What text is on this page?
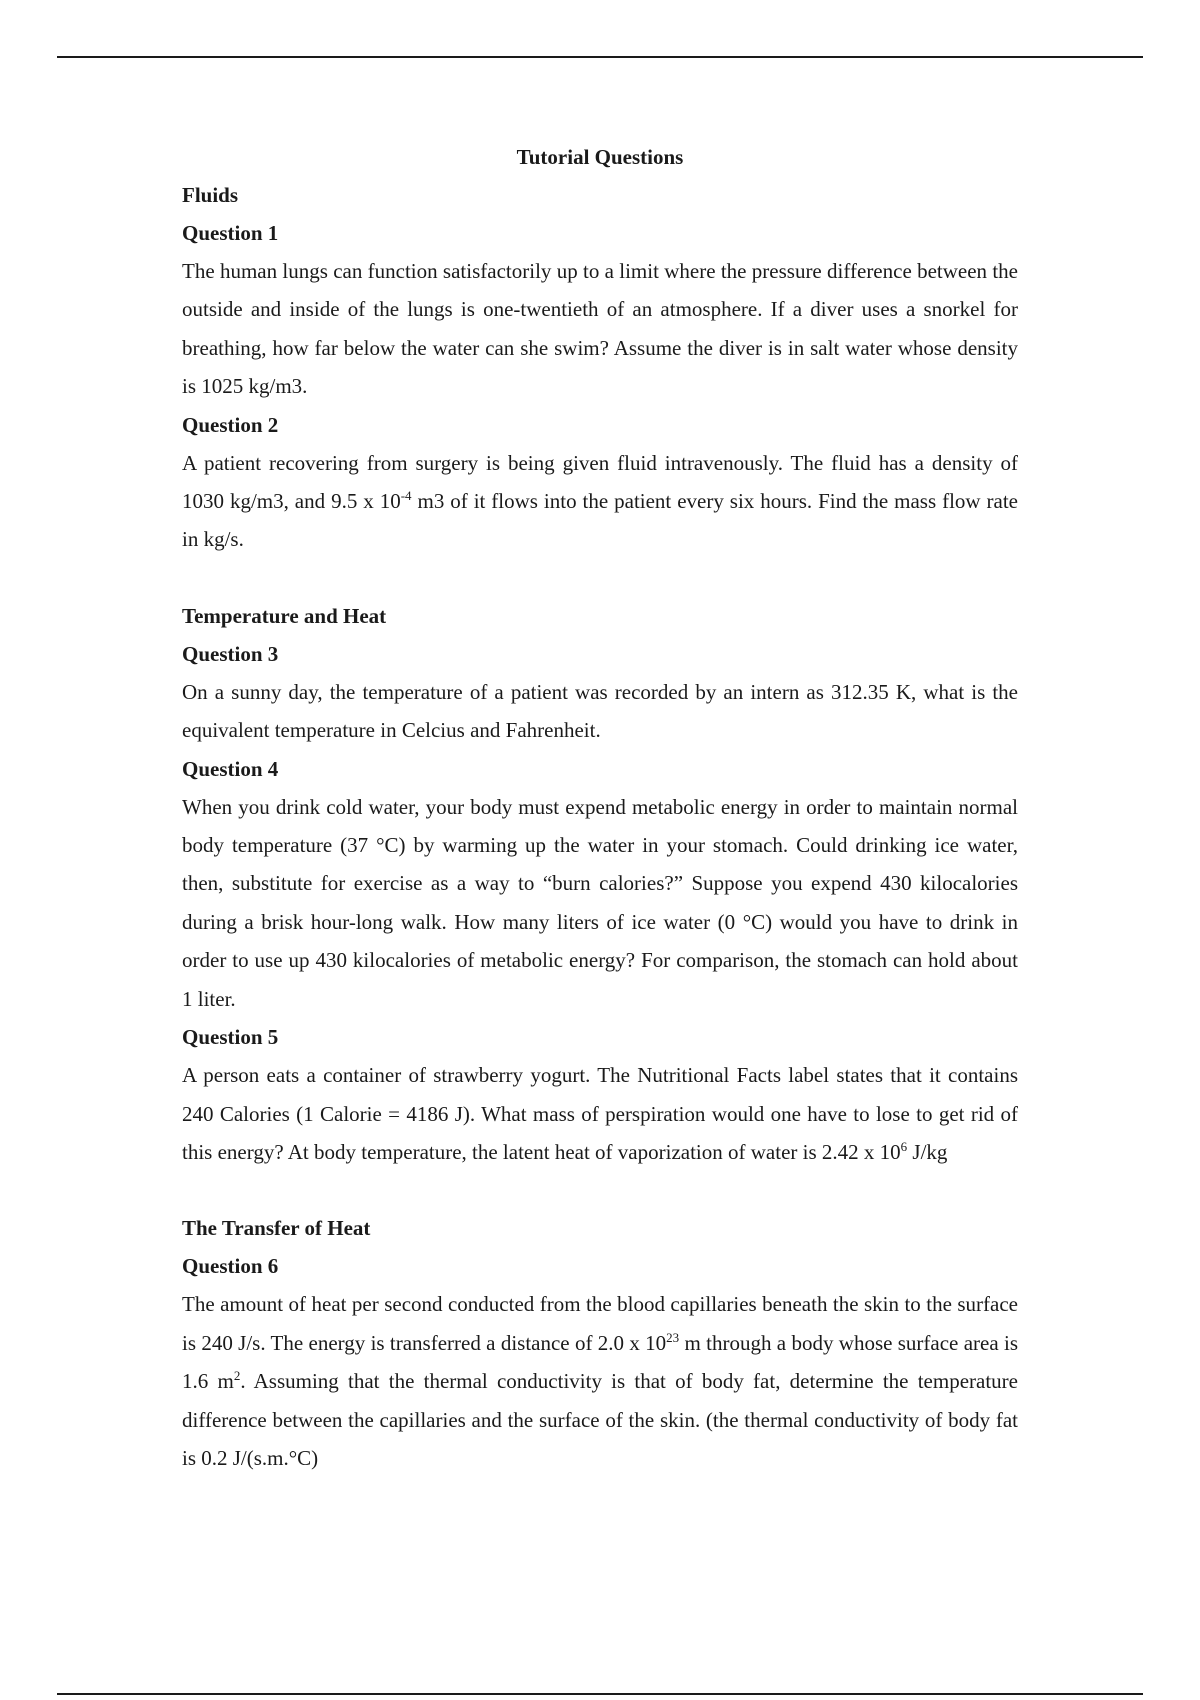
Tutorial Questions

Fluids

Question 1

The human lungs can function satisfactorily up to a limit where the pressure difference between the outside and inside of the lungs is one-twentieth of an atmosphere. If a diver uses a snorkel for breathing, how far below the water can she swim? Assume the diver is in salt water whose density is 1025 kg/m3.

Question 2

A patient recovering from surgery is being given fluid intravenously. The fluid has a density of 1030 kg/m3, and 9.5 x $10^{-4}$ m3 of it flows into the patient every six hours. Find the mass flow rate in kg/s.

Temperature and Heat

Question 3

On a sunny day, the temperature of a patient was recorded by an intern as 312.35 K, what is the equivalent temperature in Celcius and Fahrenheit.

Question 4

When you drink cold water, your body must expend metabolic energy in order to maintain normal body temperature (37 °C) by warming up the water in your stomach. Could drinking ice water, then, substitute for exercise as a way to “burn calories?” Suppose you expend 430 kilocalories during a brisk hour-long walk. How many liters of ice water (0 °C) would you have to drink in order to use up 430 kilocalories of metabolic energy? For comparison, the stomach can hold about 1 liter.

Question 5

A person eats a container of strawberry yogurt. The Nutritional Facts label states that it contains 240 Calories (1 Calorie = 4186 J). What mass of perspiration would one have to lose to get rid of this energy? At body temperature, the latent heat of vaporization of water is 2.42 x $10^6$ J/kg

The Transfer of Heat

Question 6

The amount of heat per second conducted from the blood capillaries beneath the skin to the surface is 240 J/s. The energy is transferred a distance of 2.0 x $10^{23}$ m through a body whose surface area is 1.6 $m^2$. Assuming that the thermal conductivity is that of body fat, determine the temperature difference between the capillaries and the surface of the skin. (the thermal conductivity of body fat is 0.2 J/(s.m.°C)
